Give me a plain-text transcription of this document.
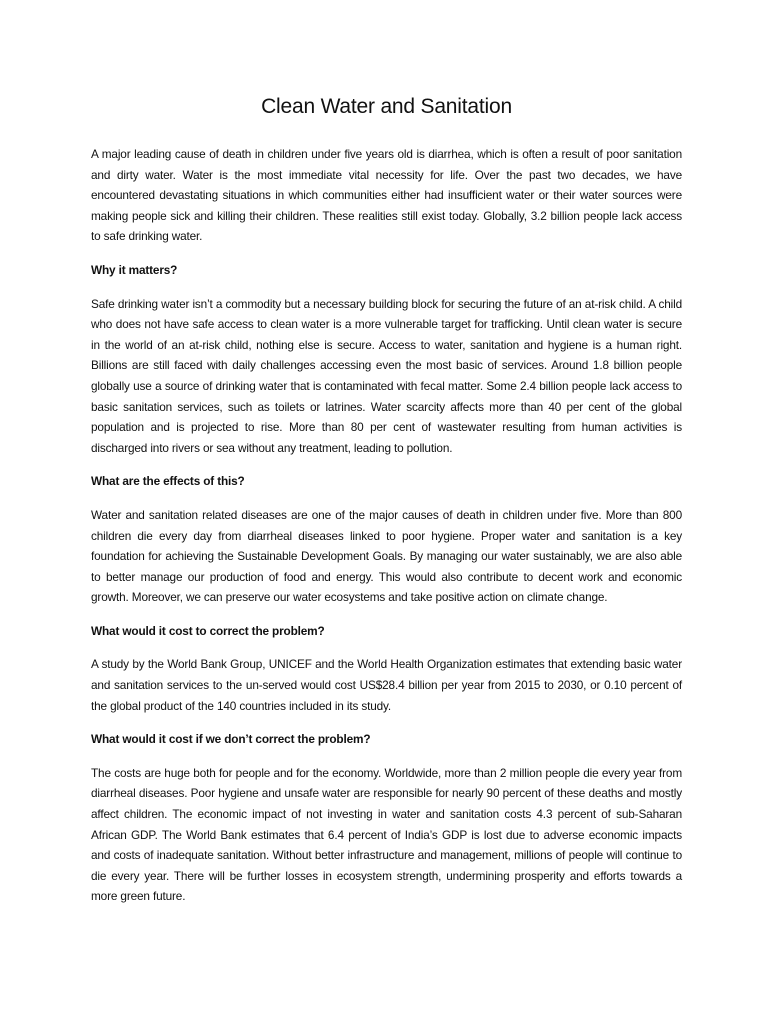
Clean Water and Sanitation

A major leading cause of death in children under five years old is diarrhea, which is often a result of poor sanitation and dirty water. Water is the most immediate vital necessity for life. Over the past two decades, we have encountered devastating situations in which communities either had insufficient water or their water sources were making people sick and killing their children. These realities still exist today. Globally, 3.2 billion people lack access to safe drinking water.

Why it matters?

Safe drinking water isn’t a commodity but a necessary building block for securing the future of an at-risk child. A child who does not have safe access to clean water is a more vulnerable target for trafficking. Until clean water is secure in the world of an at-risk child, nothing else is secure. Access to water, sanitation and hygiene is a human right. Billions are still faced with daily challenges accessing even the most basic of services. Around 1.8 billion people globally use a source of drinking water that is contaminated with fecal matter. Some 2.4 billion people lack access to basic sanitation services, such as toilets or latrines. Water scarcity affects more than 40 per cent of the global population and is projected to rise. More than 80 per cent of wastewater resulting from human activities is discharged into rivers or sea without any treatment, leading to pollution.

What are the effects of this?

Water and sanitation related diseases are one of the major causes of death in children under five. More than 800 children die every day from diarrheal diseases linked to poor hygiene. Proper water and sanitation is a key foundation for achieving the Sustainable Development Goals. By managing our water sustainably, we are also able to better manage our production of food and energy. This would also contribute to decent work and economic growth. Moreover, we can preserve our water ecosystems and take positive action on climate change.

What would it cost to correct the problem?

A study by the World Bank Group, UNICEF and the World Health Organization estimates that extending basic water and sanitation services to the un-served would cost US$28.4 billion per year from 2015 to 2030, or 0.10 percent of the global product of the 140 countries included in its study.

What would it cost if we don’t correct the problem?

The costs are huge both for people and for the economy. Worldwide, more than 2 million people die every year from diarrheal diseases. Poor hygiene and unsafe water are responsible for nearly 90 percent of these deaths and mostly affect children. The economic impact of not investing in water and sanitation costs 4.3 percent of sub-Saharan African GDP. The World Bank estimates that 6.4 percent of India’s GDP is lost due to adverse economic impacts and costs of inadequate sanitation. Without better infrastructure and management, millions of people will continue to die every year. There will be further losses in ecosystem strength, undermining prosperity and efforts towards a more green future.
